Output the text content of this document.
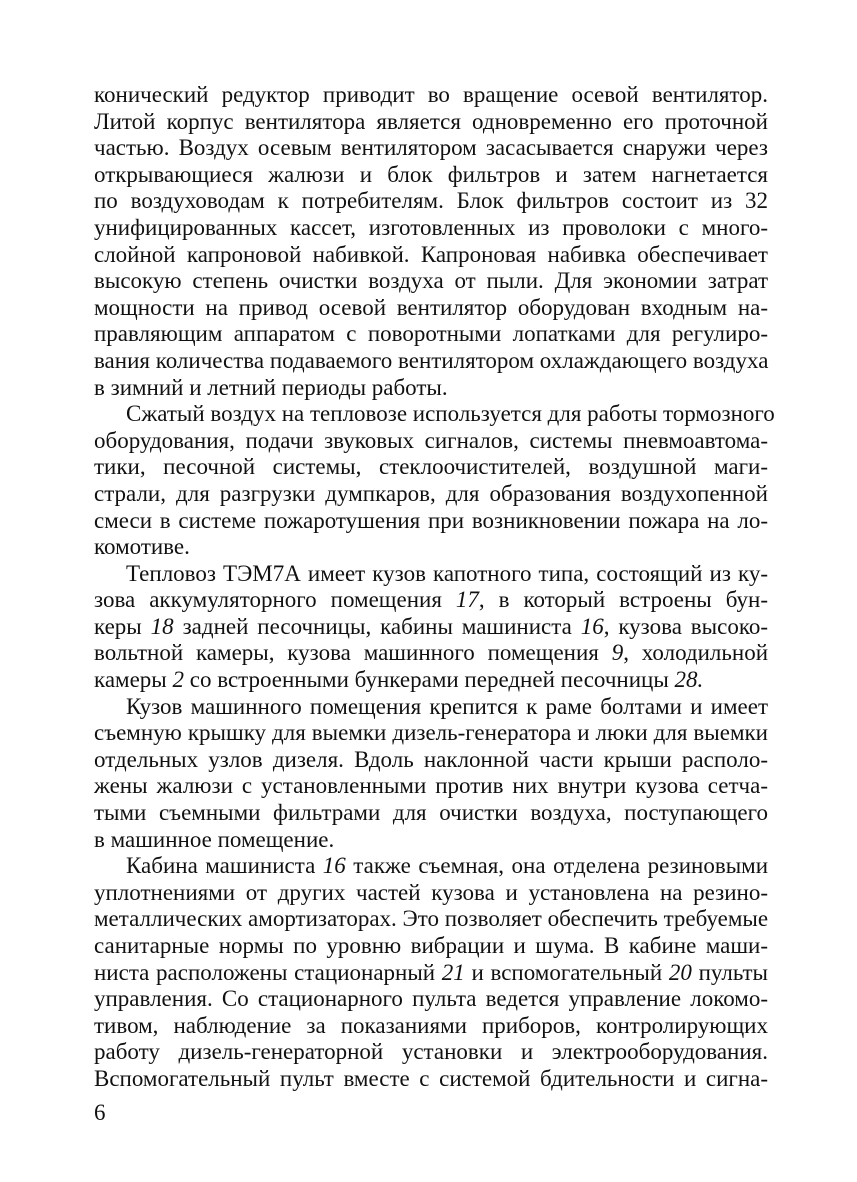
конический редуктор приводит во вращение осевой вентилятор.
Литой корпус вентилятора является одновременно его проточной
частью. Воздух осевым вентилятором засасывается снаружи через
открывающиеся жалюзи и блок фильтров и затем нагнетается
по воздуховодам к потребителям. Блок фильтров состоит из 32
унифицированных кассет, изготовленных из проволоки с много-
слойной капроновой набивкой. Капроновая набивка обеспечивает
высокую степень очистки воздуха от пыли. Для экономии затрат
мощности на привод осевой вентилятор оборудован входным на-
правляющим аппаратом с поворотными лопатками для регулиро-
вания количества подаваемого вентилятором охлаждающего воздуха
в зимний и летний периоды работы.
Сжатый воздух на тепловозе используется для работы тормозного
оборудования, подачи звуковых сигналов, системы пневмоавтома-
тики, песочной системы, стеклоочистителей, воздушной маги-
страли, для разгрузки думпкаров, для образования воздухопенной
смеси в системе пожаротушения при возникновении пожара на ло-
комотиве.
Тепловоз ТЭМ7А имеет кузов капотного типа, состоящий из ку-
зова аккумуляторного помещения 17, в который встроены бун-
керы 18 задней песочницы, кабины машиниста 16, кузова высоко-
вольтной камеры, кузова машинного помещения 9, холодильной
камеры 2 со встроенными бункерами передней песочницы 28.
Кузов машинного помещения крепится к раме болтами и имеет
съемную крышку для выемки дизель-генератора и люки для выемки
отдельных узлов дизеля. Вдоль наклонной части крыши располо-
жены жалюзи с установленными против них внутри кузова сетча-
тыми съемными фильтрами для очистки воздуха, поступающего
в машинное помещение.
Кабина машиниста 16 также съемная, она отделена резиновыми
уплотнениями от других частей кузова и установлена на резино-
металлических амортизаторах. Это позволяет обеспечить требуемые
санитарные нормы по уровню вибрации и шума. В кабине маши-
ниста расположены стационарный 21 и вспомогательный 20 пульты
управления. Со стационарного пульта ведется управление локомо-
тивом, наблюдение за показаниями приборов, контролирующих
работу дизель-генераторной установки и электрооборудования.
Вспомогательный пульт вместе с системой бдительности и сигна-
6
